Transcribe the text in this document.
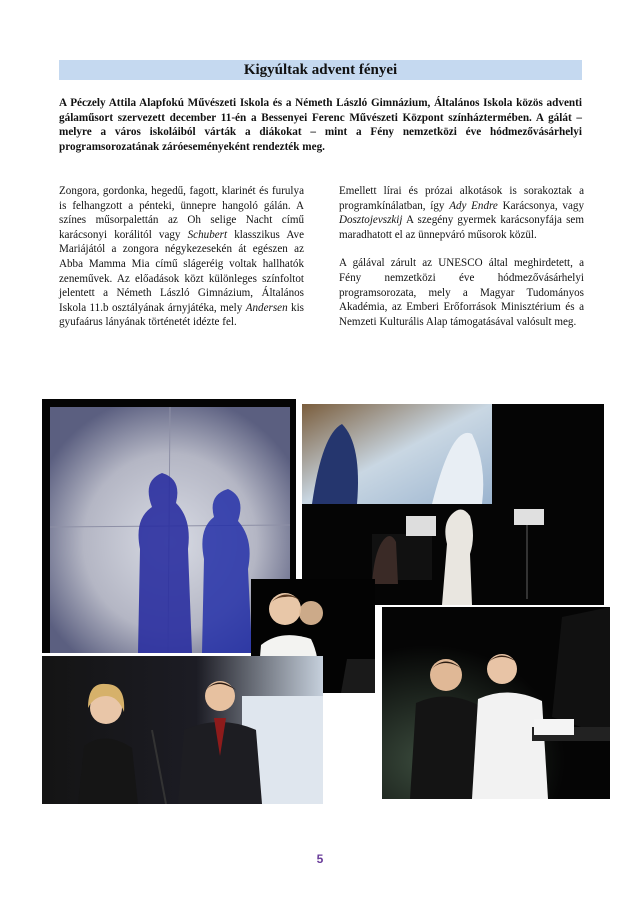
Kigyúltak advent fényei
A Péczely Attila Alapfokú Művészeti Iskola és a Németh László Gimnázium, Általános Iskola közös adventi gálaműsort szervezett december 11-én a Bessenyei Ferenc Művészeti Központ színháztermében. A gálát – melyre a város iskoláiból várták a diákokat – mint a Fény nemzetközi éve hódmezővásárhelyi programsorozatának záróeseményeként rendezték meg.

Zongora, gordonka, hegedű, fagott, klarinét és furulya is felhangzott a pénteki, ünnepre hangoló gálán. A színes műsorpalettán az Oh selige Nacht című karácsonyi korálitól vagy Schubert klasszikus Ave Mariájától a zongora négykezesekén át egészen az Abba Mamma Mia című slágeréig voltak hallhatók zeneművek. Az előadások közt különleges színfoltot jelentett a Németh László Gimnázium, Általános Iskola 11.b osztályának árnyjátéka, mely Andersen kis gyufaárus lányának történetét idézte fel.

Emellett lírai és prózai alkotások is sorakoztak a programkínálatban, így Ady Endre Karácsonya, vagy Dosztojevszkij A szegény gyermek karácsonyfája sem maradhatott el az ünnepváró műsorok közül.

A gálával zárult az UNESCO által meghirdetett, a Fény nemzetközi éve hódmezővásárhelyi programsorozata, mely a Magyar Tudományos Akadémia, az Emberi Erőforrások Minisztérium és a Nemzeti Kulturális Alap támogatásával valósult meg.

5
